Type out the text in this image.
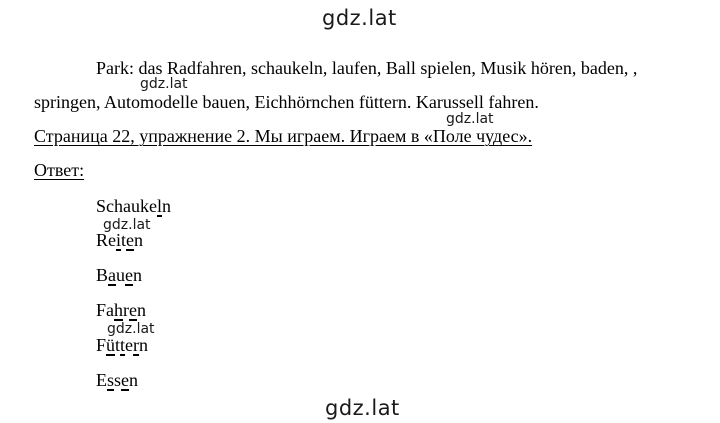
gdz.lat
gdz.lat
gdz.lat
gdz.lat
gdz.lat
gdz.lat
Park: das Radfahren, schaukeln, laufen, Ball spielen, Musik hören, baden, ,
springen, Automodelle bauen, Eichhörnchen füttern. Karussell fahren.
Страница 22, упражнение 2. Мы играем. Играем в «Поле чудес».
Ответ:
Schaukeln
Reiten
Bauen
Fahren
Füttern
Essen
